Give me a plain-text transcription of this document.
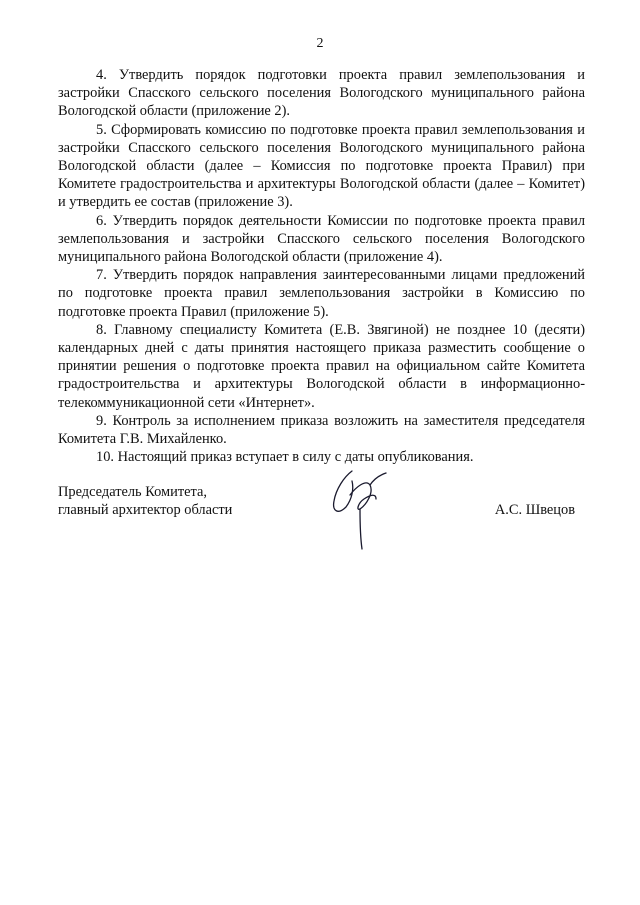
2

4. Утвердить порядок подготовки проекта правил землепользования и застройки Спасского сельского поселения Вологодского муниципального района Вологодской области (приложение 2).

5. Сформировать комиссию по подготовке проекта правил землепользования и застройки Спасского сельского поселения Вологодского муниципального района Вологодской области (далее – Комиссия по подготовке проекта Правил) при Комитете градостроительства и архитектуры Вологодской области (далее – Комитет) и утвердить ее состав (приложение 3).

6. Утвердить порядок деятельности Комиссии по подготовке проекта правил землепользования и застройки Спасского сельского поселения Вологодского муниципального района Вологодской области (приложение 4).

7. Утвердить порядок направления заинтересованными лицами предложений по подготовке проекта правил землепользования застройки в Комиссию по подготовке проекта Правил (приложение 5).

8. Главному специалисту Комитета (Е.В. Звягиной) не позднее 10 (десяти) календарных дней с даты принятия настоящего приказа разместить сообщение о принятии решения о подготовке проекта правил на официальном сайте Комитета градостроительства и архитектуры Вологодской области в информационно-телекоммуникационной сети «Интернет».

9. Контроль за исполнением приказа возложить на заместителя председателя Комитета Г.В. Михайленко.

10. Настоящий приказ вступает в силу с даты опубликования.

Председатель Комитета,
главный архитектор области	А.С. Швецов
